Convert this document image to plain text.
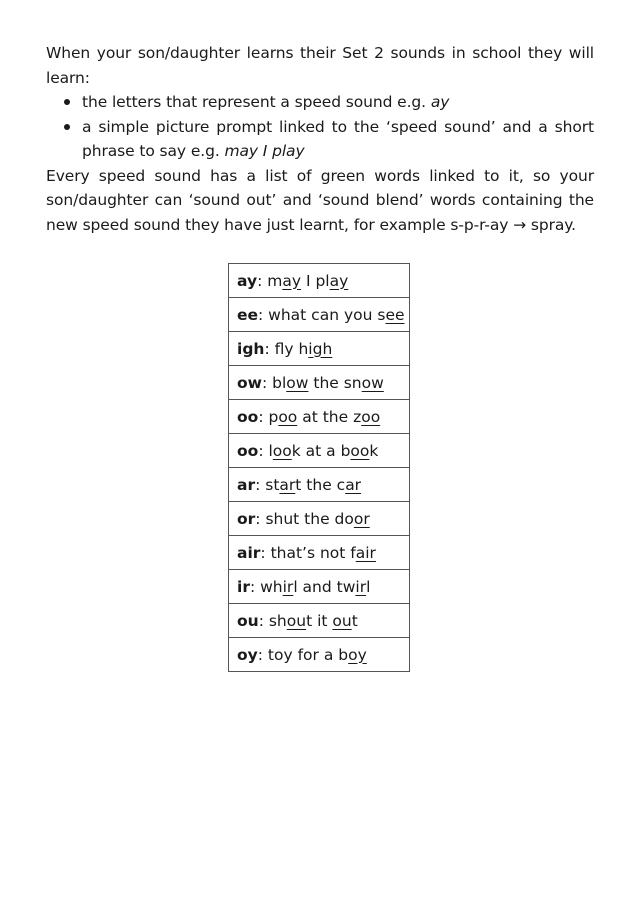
When your son/daughter learns their Set 2 sounds in school they will

learn:

the letters that represent a speed sound e.g. ay
a simple picture prompt linked to the ‘speed sound’ and a short phrase to say e.g. may I play

Every speed sound has a list of green words linked to it, so your son/daughter can ‘sound out’ and ‘sound blend’ words containing the new speed sound they have just learnt, for example s-p-r-ay → spray.

ay: may I play
ee: what can you see
igh: fly high
ow: blow the snow
oo: poo at the zoo
oo: look at a book
ar: start the car
or: shut the door
air: that’s not fair
ir: whirl and twirl
ou: shout it out
oy: toy for a boy
